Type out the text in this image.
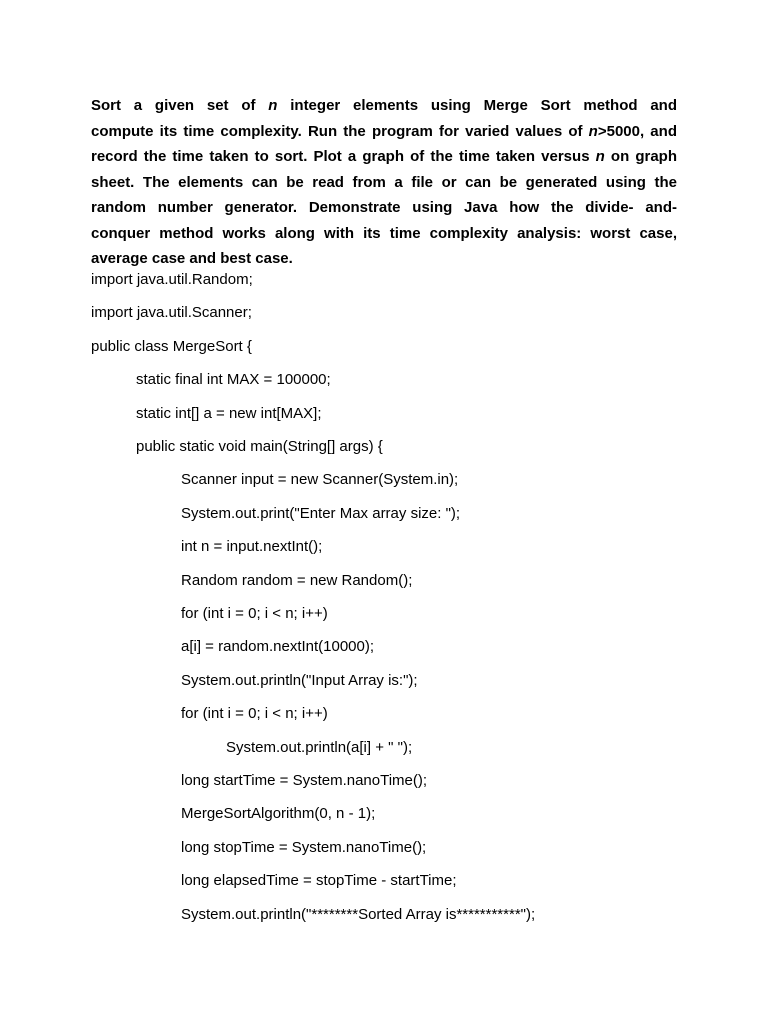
Sort a given set of n integer elements using Merge Sort method and
compute its time complexity. Run the program for varied values of n>5000, and
record the time taken to sort. Plot a graph of the time taken versus n on graph
sheet. The elements can be read from a file or can be generated using the
random number generator. Demonstrate using Java how the divide- and-
conquer method works along with its time complexity analysis: worst case,
average case and best case.
import java.util.Random;
import java.util.Scanner;
public class MergeSort {
static final int MAX = 100000;
static int[] a = new int[MAX];
public static void main(String[] args) {
Scanner input = new Scanner(System.in);
System.out.print("Enter Max array size: ");
int n = input.nextInt();
Random random = new Random();
for (int i = 0; i < n; i++)
a[i] = random.nextInt(10000);
System.out.println("Input Array is:");
for (int i = 0; i < n; i++)
System.out.println(a[i] + " ");
long startTime = System.nanoTime();
MergeSortAlgorithm(0, n - 1);
long stopTime = System.nanoTime();
long elapsedTime = stopTime - startTime;
System.out.println("********Sorted Array is***********");
